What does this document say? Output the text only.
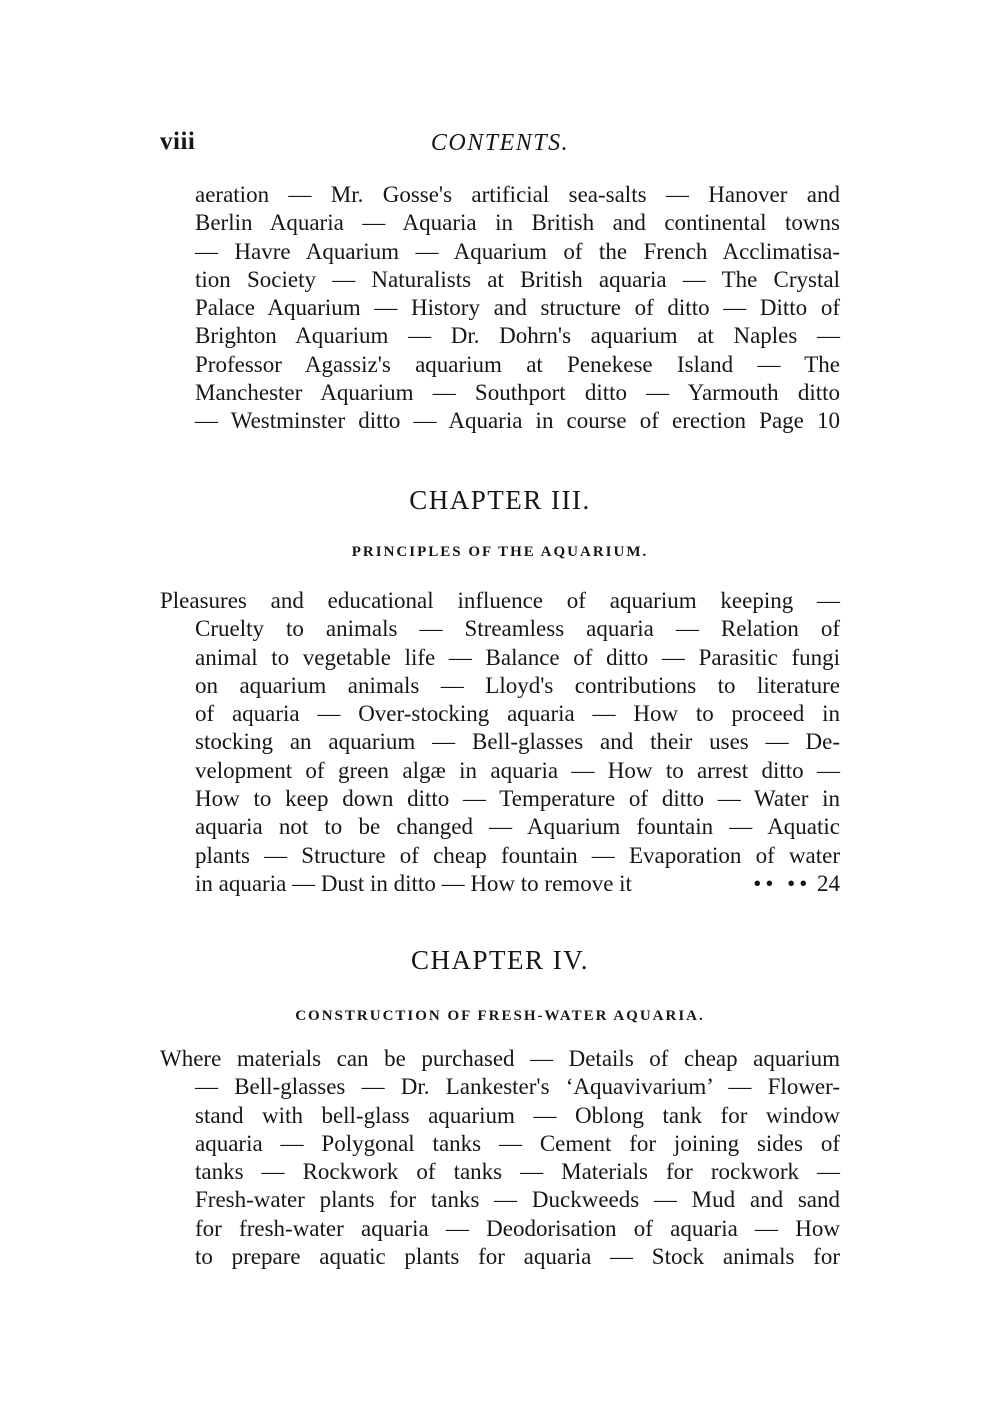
viii	CONTENTS.
aeration — Mr. Gosse's artificial sea-salts — Hanover and
Berlin Aquaria — Aquaria in British and continental towns
— Havre Aquarium — Aquarium of the French Acclimatisa-
tion Society — Naturalists at British aquaria — The Crystal
Palace Aquarium — History and structure of ditto — Ditto of
Brighton Aquarium — Dr. Dohrn's aquarium at Naples —
Professor Agassiz's aquarium at Penekese Island — The
Manchester Aquarium — Southport ditto — Yarmouth ditto
— Westminster ditto — Aquaria in course of erection Page 10
CHAPTER III.
PRINCIPLES OF THE AQUARIUM.
Pleasures and educational influence of aquarium keeping —
Cruelty to animals — Streamless aquaria — Relation of
animal to vegetable life — Balance of ditto — Parasitic fungi
on aquarium animals — Lloyd's contributions to literature
of aquaria — Over-stocking aquaria — How to proceed in
stocking an aquarium — Bell-glasses and their uses — De-
velopment of green algæ in aquaria — How to arrest ditto —
How to keep down ditto — Temperature of ditto — Water in
aquaria not to be changed — Aquarium fountain — Aquatic
plants — Structure of cheap fountain — Evaporation of water
in aquaria — Dust in ditto — How to remove it	•• •• 24
CHAPTER IV.
CONSTRUCTION OF FRESH-WATER AQUARIA.
Where materials can be purchased — Details of cheap aquarium
— Bell-glasses — Dr. Lankester's ‘Aquavivarium’ — Flower-
stand with bell-glass aquarium — Oblong tank for window
aquaria — Polygonal tanks — Cement for joining sides of
tanks — Rockwork of tanks — Materials for rockwork —
Fresh-water plants for tanks — Duckweeds — Mud and sand
for fresh-water aquaria — Deodorisation of aquaria — How
to prepare aquatic plants for aquaria — Stock animals for
